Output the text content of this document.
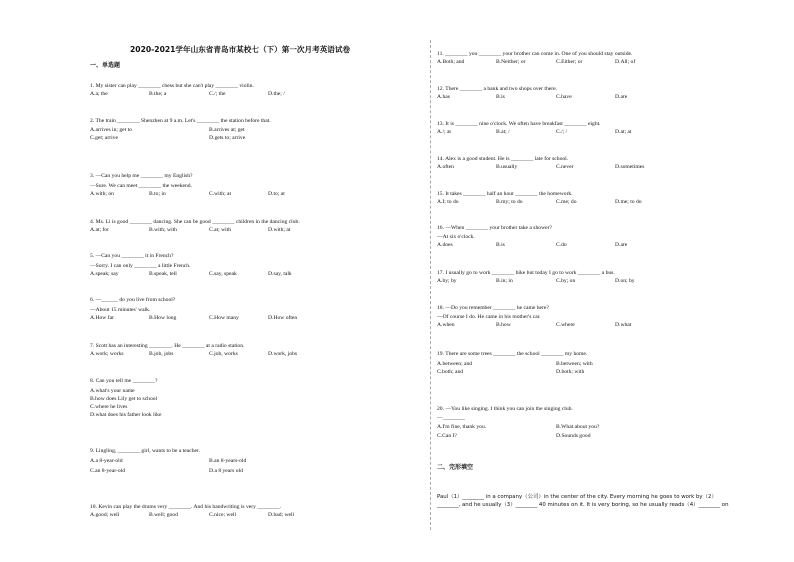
2020-2021学年山东省青岛市某校七（下）第一次月考英语试卷
一、单选题
1. My sister can play ________ chess but she can't play ________ violin.
A.a; the	B.the; a	C./; the	D.the; /
2. The train ________ Shenzhen at 9 a.m. Let's ________ the station before that.
A.arrives in; get to	B.arrives at; get
C.get; arrive	D.gets to; arrive
3. —Can you help me ________ my English?
—Sure. We can meet ________ the weekend.
A.with; on	B.to; in	C.with; at	D.to; at
4. Ms. Li is good ________ dancing. She can be good ________ children in the dancing club.
A.at; for	B.with; with	C.at; with	D.with; at
5. —Can you ________ it in French?
—Sorry. I can only ________ a little French.
A.speak; say	B.speak, tell	C.say, speak	D.say, talk
6. —______ do you live from school?
—About 15 minutes' walk.
A.How far	B.How long	C.How many	D.How often
7. Scott has an interesting ________. He ________ at a radio station.
A.work; works	B.job, jobs	C.job, works	D.work, jobs
8. Can you tell me ________?
A.what's your name
B.how does Lily get to school
C.where he lives
D.what does his father look like
9. Lingling, ________ girl, wants to be a teacher.
A.a 8-year-old	B.an 8-years-old
C.an 8-year-old	D.a 8 years old
10. Kevin can play the drums very ________. And his handwriting is very ________.
A.good; well	B.well; good	C.nice; well	D.bad; well
11. ________ you ________ your brother can come in. One of you should stay outside.
A.Both; and	B.Neither; or	C.Either; or	D.All; of
12. There ________ a bank and two shops over there.
A.has	B.is	C.have	D.are
13. It is ________ nine o'clock. We often have breakfast ________ eight.
A./; at	B.at; /	C./; /	D.at; at
14. Alex is a good student. He is ________ late for school.
A.often	B.usually	C.never	D.sometimes
15. It takes ________ half an hour ________ the homework.
A.I; to do	B.my; to do	C.me; do	D.me; to do
16. —When ________ your brother take a shower?
—At six o'clock.
A.does	B.is	C.do	D.are
17. I usually go to work ________ bike but today I go to work ________ a bus.
A.by; by	B.in; in	C.by; on	D.on; by
18. —Do you remember ________ he came here?
—Of course I do. He came in his mother's car.
A.when	B.how	C.where	D.what
19. There are some trees ________ the school ________ my home.
A.between; and	B.between; with
C.both; and	D.both; with
20. —You like singing. I think you can join the singing club.
—________
A.I'm fine, thank you.	B.What about you?
C.Can I?	D.Sounds good
二、完形填空

Paul（1）________ in a company（公司）in the center of the city. Every morning he goes to work by（2）

________, and he usually（3）________ 40 minutes on it. It is very boring, so he usually reads（4）________ on
